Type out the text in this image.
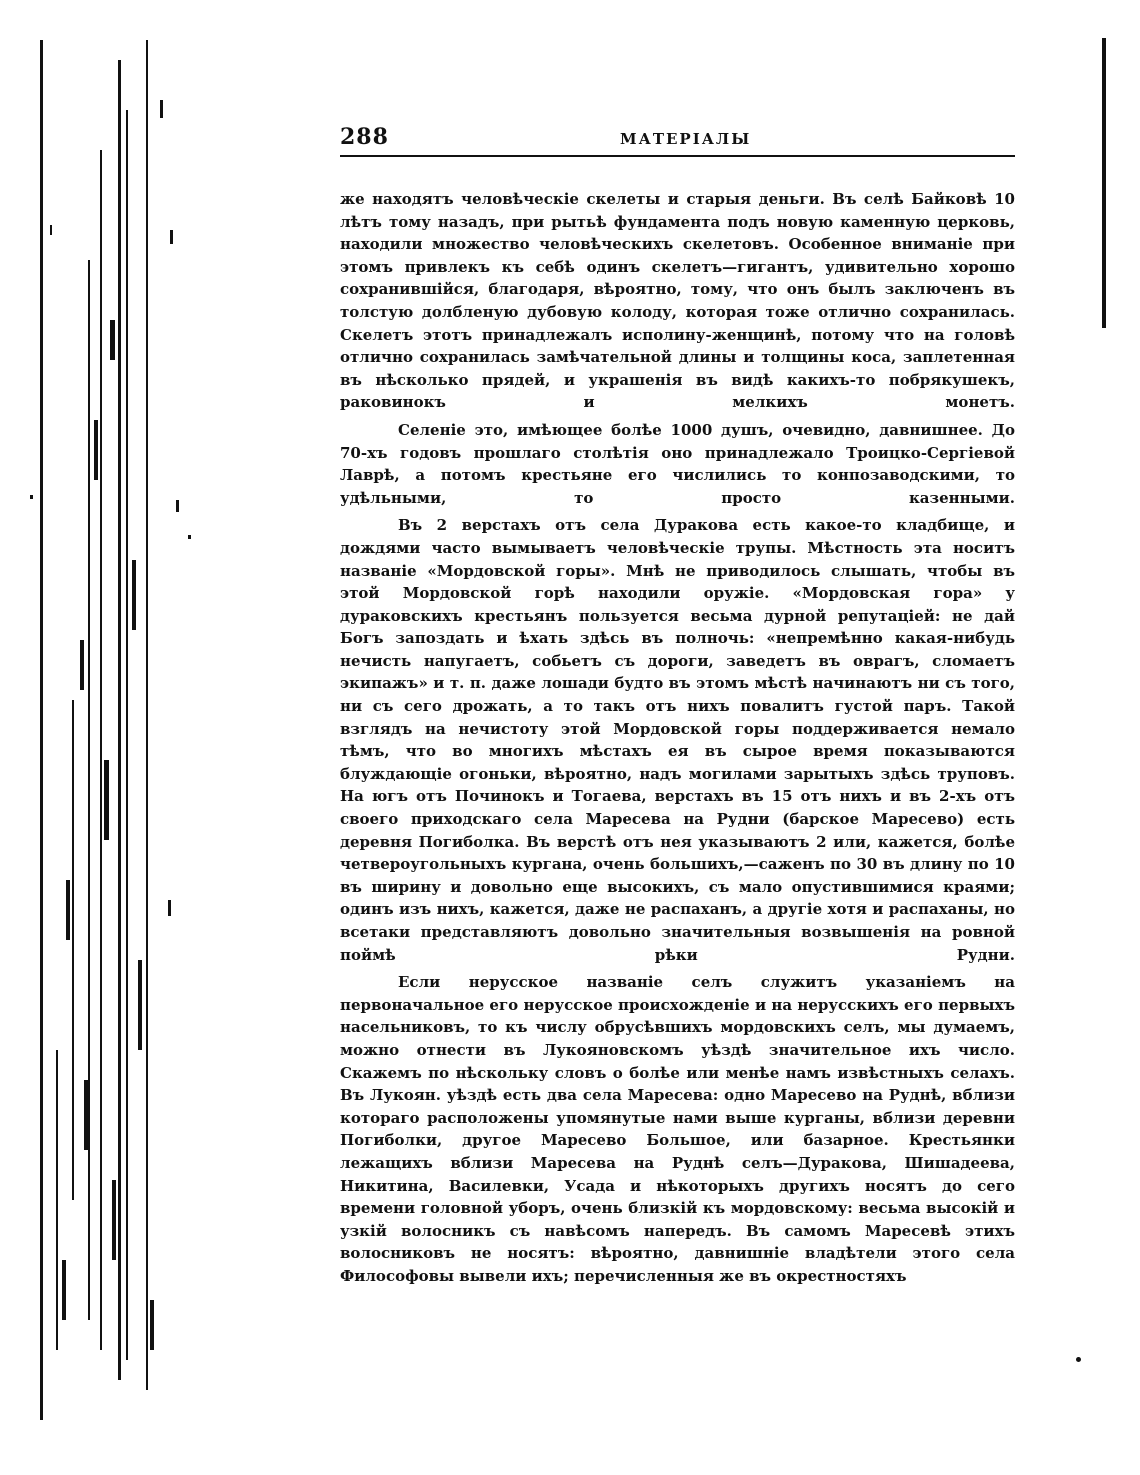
288	МАТЕРІАЛЫ

же находятъ человѣческіе скелеты и старыя деньги. Въ селѣ Байковѣ 10 лѣтъ тому назадъ, при рытьѣ фундамента подъ новую каменную церковь, находили множество человѣческихъ скелетовъ. Особенное вниманіе при этомъ привлекъ къ себѣ одинъ скелетъ—гигантъ, удивительно хорошо сохранившійся, благодаря, вѣроятно, тому, что онъ былъ заключенъ въ толстую долбленую дубовую колоду, которая тоже отлично сохранилась. Скелетъ этотъ принадлежалъ исполину-женщинѣ, потому что на головѣ отлично сохранилась замѣчательной длины и толщины коса, заплетенная въ нѣсколько прядей, и украшенія въ видѣ какихъ-то побрякушекъ, раковинокъ и мелкихъ монетъ.

Селеніе это, имѣющее болѣе 1000 душъ, очевидно, давнишнее. До 70-хъ годовъ прошлаго столѣтія оно принадлежало Троицко-Сергіевой Лаврѣ, а потомъ крестьяне его числились то конпозаводскими, то удѣльными, то просто казенными.

Въ 2 верстахъ отъ села Дуракова есть какое-то кладбище, и дождями часто вымываетъ человѣческіе трупы. Мѣстность эта носитъ названіе «Мордовской горы». Мнѣ не приводилось слышать, чтобы въ этой Мордовской горѣ находили оружіе. «Мордовская гора» у дураковскихъ крестьянъ пользуется весьма дурной репутаціей: не дай Богъ запоздать и ѣхать здѣсь въ полночь: «непремѣнно какая-нибудь нечисть напугаетъ, собьетъ съ дороги, заведетъ въ оврагъ, сломаетъ экипажъ» и т. п. даже лошади будто въ этомъ мѣстѣ начинаютъ ни съ того, ни съ сего дрожать, а то такъ отъ нихъ повалитъ густой паръ. Такой взглядъ на нечистоту этой Мордовской горы поддерживается немало тѣмъ, что во многихъ мѣстахъ ея въ сырое время показываются блуждающіе огоньки, вѣроятно, надъ могилами зарытыхъ здѣсь труповъ. На югъ отъ Починокъ и Тогаева, верстахъ въ 15 отъ нихъ и въ 2-хъ отъ своего приходскаго села Маресева на Рудни (барское Маресево) есть деревня Погиболка. Въ верстѣ отъ нея указываютъ 2 или, кажется, болѣе четвероугольныхъ кургана, очень большихъ,—саженъ по 30 въ длину по 10 въ ширину и довольно еще высокихъ, съ мало опустившимися краями; одинъ изъ нихъ, кажется, даже не распаханъ, а другіе хотя и распаханы, но всетаки представляютъ довольно значительныя возвышенія на ровной поймѣ рѣки Рудни.

Если нерусское названіе селъ служитъ указаніемъ на первоначальное его нерусское происхожденіе и на нерусскихъ его первыхъ насельниковъ, то къ числу обрусѣвшихъ мордовскихъ селъ, мы думаемъ, можно отнести въ Лукояновскомъ уѣздѣ значительное ихъ число. Скажемъ по нѣскольку словъ о болѣе или менѣе намъ извѣстныхъ селахъ. Въ Лукоян. уѣздѣ есть два села Маресева: одно Маресево на Руднѣ, вблизи котораго расположены упомянутые нами выше курганы, вблизи деревни Погиболки, другое Маресево Большое, или базарное. Крестьянки лежащихъ вблизи Маресева на Руднѣ селъ—Дуракова, Шишадеева, Никитина, Василевки, Усада и нѣкоторыхъ другихъ носятъ до сего времени головной уборъ, очень близкій къ мордовскому: весьма высокій и узкій волосникъ съ навѣсомъ напередъ. Въ самомъ Маресевѣ этихъ волосниковъ не носятъ: вѣроятно, давнишніе владѣтели этого села Философовы вывели ихъ; перечисленныя же въ окрестностяхъ
